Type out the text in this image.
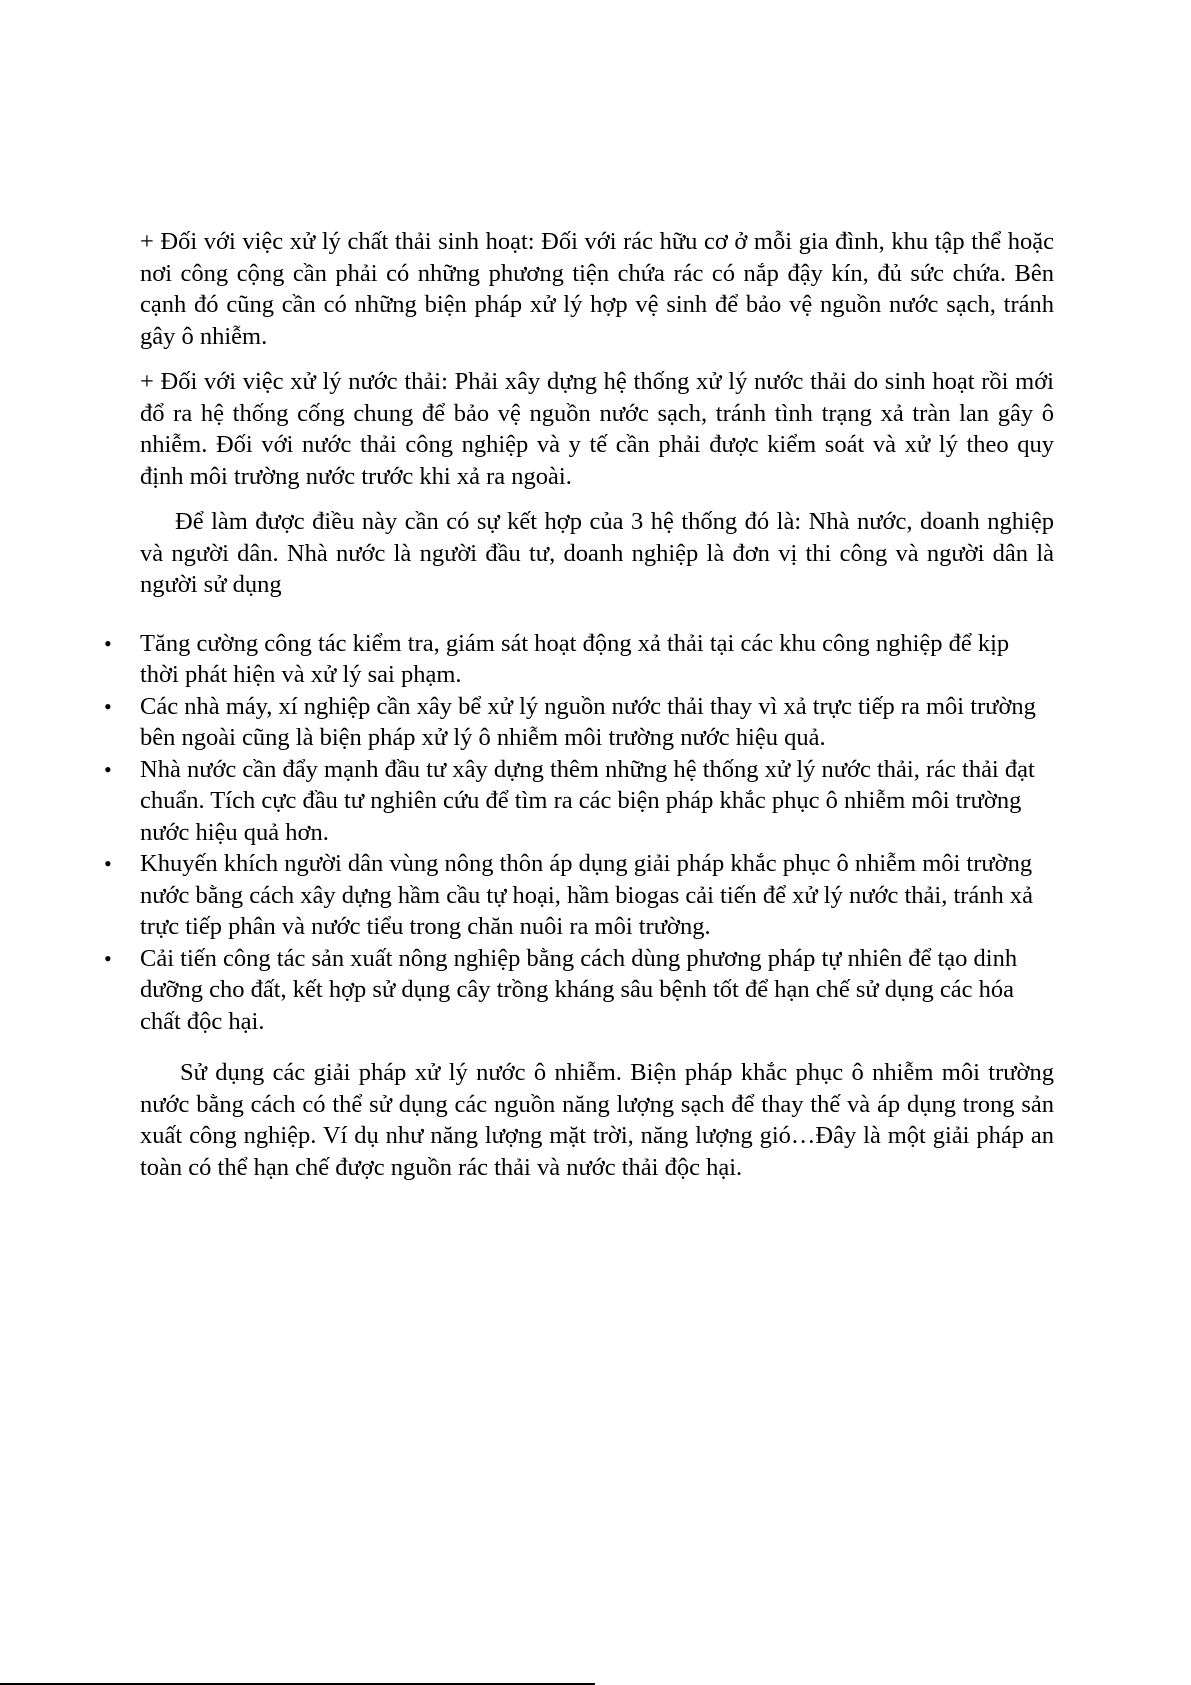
+ Đối với việc xử lý chất thải sinh hoạt: Đối với rác hữu cơ ở mỗi gia đình, khu tập thể hoặc nơi công cộng cần phải có những phương tiện chứa rác có nắp đậy kín, đủ sức chứa. Bên cạnh đó cũng cần có những biện pháp xử lý hợp vệ sinh để bảo vệ nguồn nước sạch, tránh gây ô nhiễm.

+ Đối với việc xử lý nước thải: Phải xây dựng hệ thống xử lý nước thải do sinh hoạt rồi mới đổ ra hệ thống cống chung để bảo vệ nguồn nước sạch, tránh tình trạng xả tràn lan gây ô nhiễm. Đối với nước thải công nghiệp và y tế cần phải được kiểm soát và xử lý theo quy định môi trường nước trước khi xả ra ngoài.

Để làm được điều này cần có sự kết hợp của 3 hệ thống đó là: Nhà nước, doanh nghiệp và người dân. Nhà nước là người đầu tư, doanh nghiệp là đơn vị thi công và người dân là người sử dụng

• Tăng cường công tác kiểm tra, giám sát hoạt động xả thải tại các khu công nghiệp để kịp thời phát hiện và xử lý sai phạm.
• Các nhà máy, xí nghiệp cần xây bể xử lý nguồn nước thải thay vì xả trực tiếp ra môi trường bên ngoài cũng là biện pháp xử lý ô nhiễm môi trường nước hiệu quả.
• Nhà nước cần đẩy mạnh đầu tư xây dựng thêm những hệ thống xử lý nước thải, rác thải đạt chuẩn. Tích cực đầu tư nghiên cứu để tìm ra các biện pháp khắc phục ô nhiễm môi trường nước hiệu quả hơn.
• Khuyến khích người dân vùng nông thôn áp dụng giải pháp khắc phục ô nhiễm môi trường nước bằng cách xây dựng hầm cầu tự hoại, hầm biogas cải tiến để xử lý nước thải, tránh xả trực tiếp phân và nước tiểu trong chăn nuôi ra môi trường.
• Cải tiến công tác sản xuất nông nghiệp bằng cách dùng phương pháp tự nhiên để tạo dinh dưỡng cho đất, kết hợp sử dụng cây trồng kháng sâu bệnh tốt để hạn chế sử dụng các hóa chất độc hại.

Sử dụng các giải pháp xử lý nước ô nhiễm. Biện pháp khắc phục ô nhiễm môi trường nước bằng cách có thể sử dụng các nguồn năng lượng sạch để thay thế và áp dụng trong sản xuất công nghiệp. Ví dụ như năng lượng mặt trời, năng lượng gió…Đây là một giải pháp an toàn có thể hạn chế được nguồn rác thải và nước thải độc hại.
